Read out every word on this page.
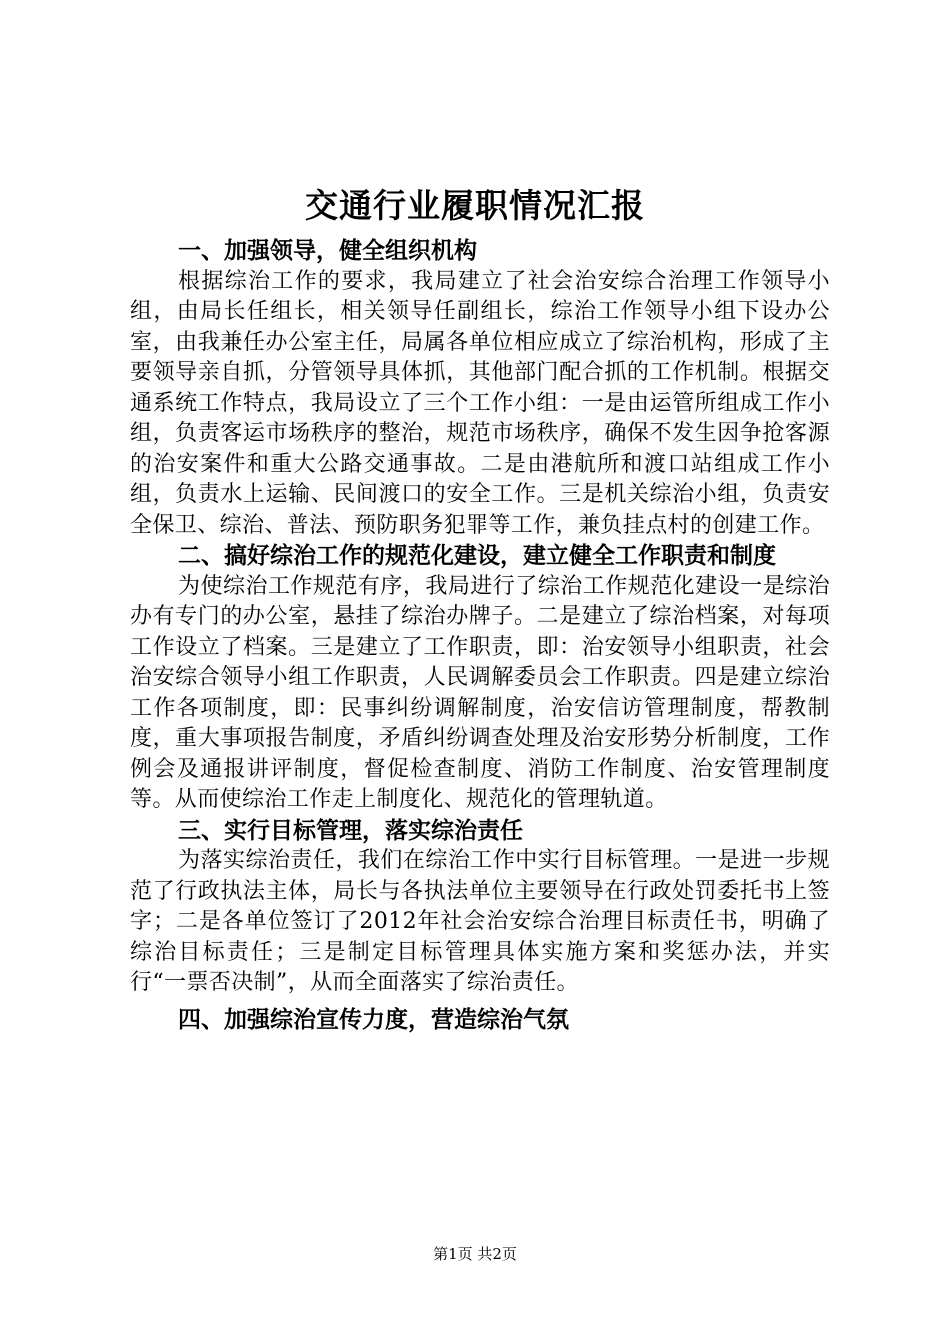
交通行业履职情况汇报

一、加强领导，健全组织机构

根据综治工作的要求，我局建立了社会治安综合治理工作领导小组，由局长任组长，相关领导任副组长，综治工作领导小组下设办公室，由我兼任办公室主任，局属各单位相应成立了综治机构，形成了主要领导亲自抓，分管领导具体抓，其他部门配合抓的工作机制。根据交通系统工作特点，我局设立了三个工作小组：一是由运管所组成工作小组，负责客运市场秩序的整治，规范市场秩序，确保不发生因争抢客源的治安案件和重大公路交通事故。二是由港航所和渡口站组成工作小组，负责水上运输、民间渡口的安全工作。三是机关综治小组，负责安全保卫、综治、普法、预防职务犯罪等工作，兼负挂点村的创建工作。

二、搞好综治工作的规范化建设，建立健全工作职责和制度

为使综治工作规范有序，我局进行了综治工作规范化建设一是综治办有专门的办公室，悬挂了综治办牌子。二是建立了综治档案，对每项工作设立了档案。三是建立了工作职责，即：治安领导小组职责，社会治安综合领导小组工作职责，人民调解委员会工作职责。四是建立综治工作各项制度，即：民事纠纷调解制度，治安信访管理制度，帮教制度，重大事项报告制度，矛盾纠纷调查处理及治安形势分析制度，工作例会及通报讲评制度，督促检查制度、消防工作制度、治安管理制度等。从而使综治工作走上制度化、规范化的管理轨道。

三、实行目标管理，落实综治责任

为落实综治责任，我们在综治工作中实行目标管理。一是进一步规范了行政执法主体，局长与各执法单位主要领导在行政处罚委托书上签字；二是各单位签订了2012年社会治安综合治理目标责任书，明确了综治目标责任；三是制定目标管理具体实施方案和奖惩办法，并实行“一票否决制”，从而全面落实了综治责任。

四、加强综治宣传力度，营造综治气氛

第1页 共2页
